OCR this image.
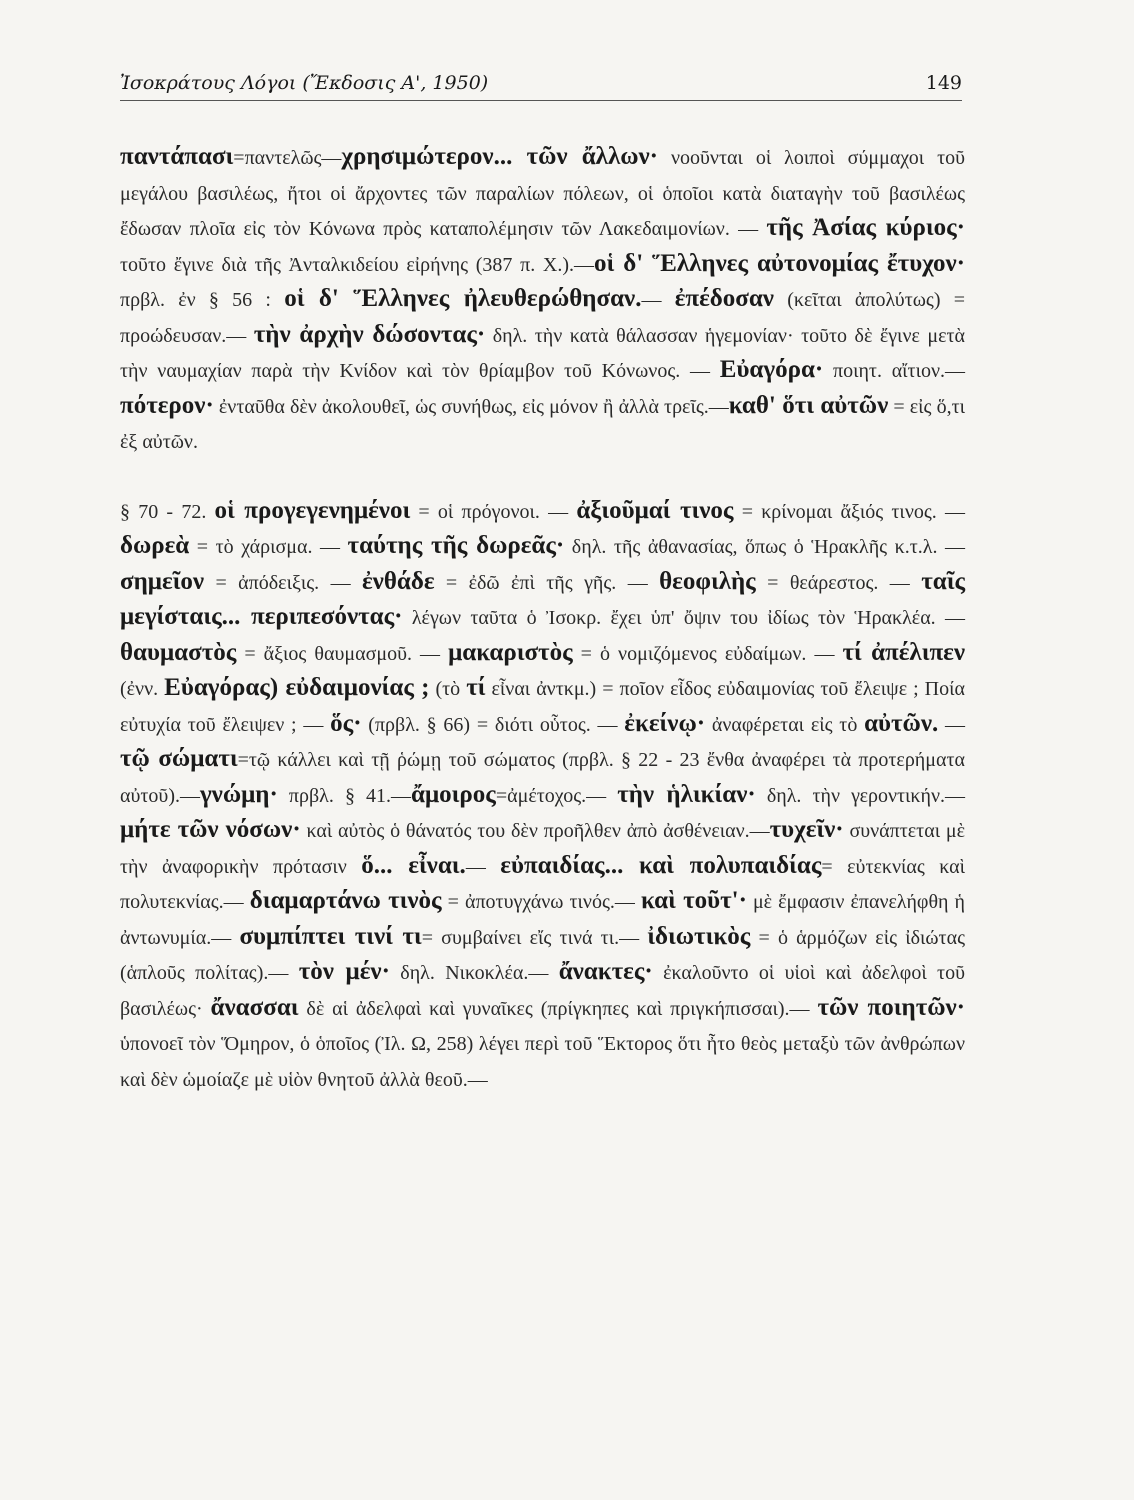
Ἰσοκράτους Λόγοι (Ἔκδοσις Α', 1950)	149

παντάπασι=παντελῶς—χρησιμώτερον... τῶν ἄλλων· νοοῦνται οἱ λοιποὶ σύμμαχοι τοῦ μεγάλου βασιλέως, ἤτοι οἱ ἄρχοντες τῶν παραλίων πόλεων, οἱ ὁποῖοι κατὰ διαταγὴν τοῦ βασιλέως ἔδωσαν πλοῖα εἰς τὸν Κόνωνα πρὸς καταπολέμησιν τῶν Λακεδαιμονίων. — τῆς Ἀσίας κύριος· τοῦτο ἔγινε διὰ τῆς Ἀνταλκιδείου εἰρήνης (387 π. Χ.).—οἱ δ' Ἕλληνες αὐτονομίας ἔτυχον· πρβλ. ἐν § 56 : οἱ δ' Ἕλληνες ἠλευθερώθησαν.— ἐπέδοσαν (κεῖται ἀπολύτως) = προώδευσαν.— τὴν ἀρχὴν δώσοντας· δηλ. τὴν κατὰ θάλασσαν ἡγεμονίαν· τοῦτο δὲ ἔγινε μετὰ τὴν ναυμαχίαν παρὰ τὴν Κνίδον καὶ τὸν θρίαμβον τοῦ Κόνωνος. — Εὐαγόρα· ποιητ. αἴτιον.— πότερον· ἐνταῦθα δὲν ἀκολουθεῖ, ὡς συνήθως, εἰς μόνον ἢ ἀλλὰ τρεῖς.—καθ' ὅτι αὐτῶν = εἰς ὅ,τι ἐξ αὐτῶν.

§ 70 - 72. οἱ προγεγενημένοι = οἱ πρόγονοι. — ἀξιοῦμαί τινος = κρίνομαι ἄξιός τινος. — δωρεὰ = τὸ χάρισμα. — ταύτης τῆς δωρεᾶς· δηλ. τῆς ἀθανασίας, ὅπως ὁ Ἡρακλῆς κ.τ.λ. — σημεῖον = ἀπόδειξις. — ἐνθάδε = ἐδῶ ἐπὶ τῆς γῆς. — θεοφιλὴς = θεάρεστος. — ταῖς μεγίσταις... περιπεσόντας· λέγων ταῦτα ὁ Ἰσοκρ. ἔχει ὑπ' ὄψιν του ἰδίως τὸν Ἡρακλέα. — θαυμαστὸς = ἄξιος θαυμασμοῦ. — μακαριστὸς = ὁ νομιζόμενος εὐδαίμων. — τί ἀπέλιπεν (ἐνν. Εὐαγόρας) εὐδαιμονίας ; (τὸ τί εἶναι ἀντκμ.) = ποῖον εἶδος εὐδαιμονίας τοῦ ἔλειψε ; Ποία εὐτυχία τοῦ ἔλειψεν ; — ὅς· (πρβλ. § 66) = διότι οὗτος. — ἐκείνῳ· ἀναφέρεται εἰς τὸ αὐτῶν. — τῷ σώματι=τῷ κάλλει καὶ τῇ ῥώμῃ τοῦ σώματος (πρβλ. § 22 - 23 ἔνθα ἀναφέρει τὰ προτερήματα αὐτοῦ).—γνώμη· πρβλ. § 41.—ἄμοιρος=ἀμέτοχος.— τὴν ἡλικίαν· δηλ. τὴν γεροντικήν.— μήτε τῶν νόσων· καὶ αὐτὸς ὁ θάνατός του δὲν προῆλθεν ἀπὸ ἀσθένειαν.—τυχεῖν· συνάπτεται μὲ τὴν ἀναφορικὴν πρότασιν ὅ... εἶναι.— εὐπαιδίας... καὶ πολυπαιδίας= εὐτεκνίας καὶ πολυτεκνίας.— διαμαρτάνω τινὸς = ἀποτυγχάνω τινός.— καὶ τοῦτ'· μὲ ἔμφασιν ἐπανελήφθη ἡ ἀντωνυμία.— συμπίπτει τινί τι= συμβαίνει εἴς τινά τι.— ἰδιωτικὸς = ὁ ἁρμόζων εἰς ἰδιώτας (ἁπλοῦς πολίτας).— τὸν μέν· δηλ. Νικοκλέα.— ἄνακτες· ἐκαλοῦντο οἱ υἱοὶ καὶ ἀδελφοὶ τοῦ βασιλέως· ἄνασσαι δὲ αἱ ἀδελφαὶ καὶ γυναῖκες (πρίγκηπες καὶ πριγκήπισσαι).— τῶν ποιητῶν· ὑπονοεῖ τὸν Ὅμηρον, ὁ ὁποῖος (Ἰλ. Ω, 258) λέγει περὶ τοῦ Ἕκτορος ὅτι ἦτο θεὸς μεταξὺ τῶν ἀνθρώπων καὶ δὲν ὡμοίαζε μὲ υἱὸν θνητοῦ ἀλλὰ θεοῦ.—
